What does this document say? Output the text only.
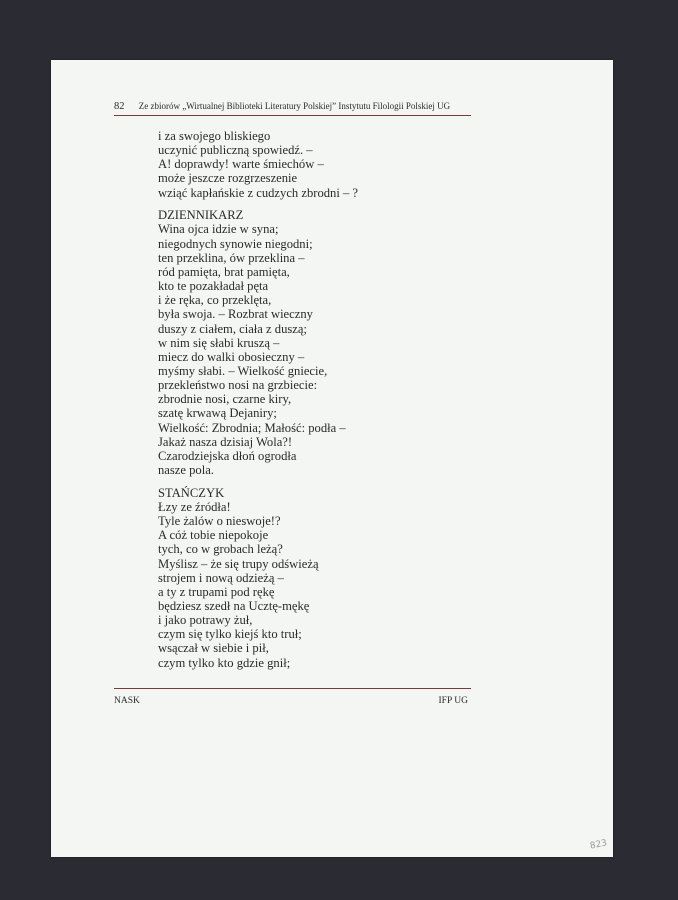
82 Ze zbiorów „Wirtualnej Biblioteki Literatury Polskiej” Instytutu Filologii Polskiej UG
i za swojego bliskiego
uczynić publiczną spowiedź. –
A! doprawdy! warte śmiechów –
może jeszcze rozgrzeszenie
wziąć kapłańskie z cudzych zbrodni – ?
DZIENNIKARZ
Wina ojca idzie w syna;
niegodnych synowie niegodni;
ten przeklina, ów przeklina –
ród pamięta, brat pamięta,
kto te pozakładał pęta
i że ręka, co przeklęta,
była swoja. – Rozbrat wieczny
duszy z ciałem, ciała z duszą;
w nim się słabi kruszą –
miecz do walki obosieczny –
myśmy słabi. – Wielkość gniecie,
przekleństwo nosi na grzbiecie:
zbrodnie nosi, czarne kiry,
szatę krwawą Dejaniry;
Wielkość: Zbrodnia; Małość: podła –
Jakaż nasza dzisiaj Wola?!
Czarodziejska dłoń ogrodła
nasze pola.
STAŃCZYK
Łzy ze źródła!
Tyle żalów o nieswoje!?
A cóż tobie niepokoje
tych, co w grobach leżą?
Myślisz – że się trupy odświeżą
strojem i nową odzieżą –
a ty z trupami pod rękę
będziesz szedł na Ucztę-mękę
i jako potrawy żuł,
czym się tylko kiejś kto truł;
wsączał w siebie i pił,
czym tylko kto gdzie gnił;
NASK	IFP UG
823
